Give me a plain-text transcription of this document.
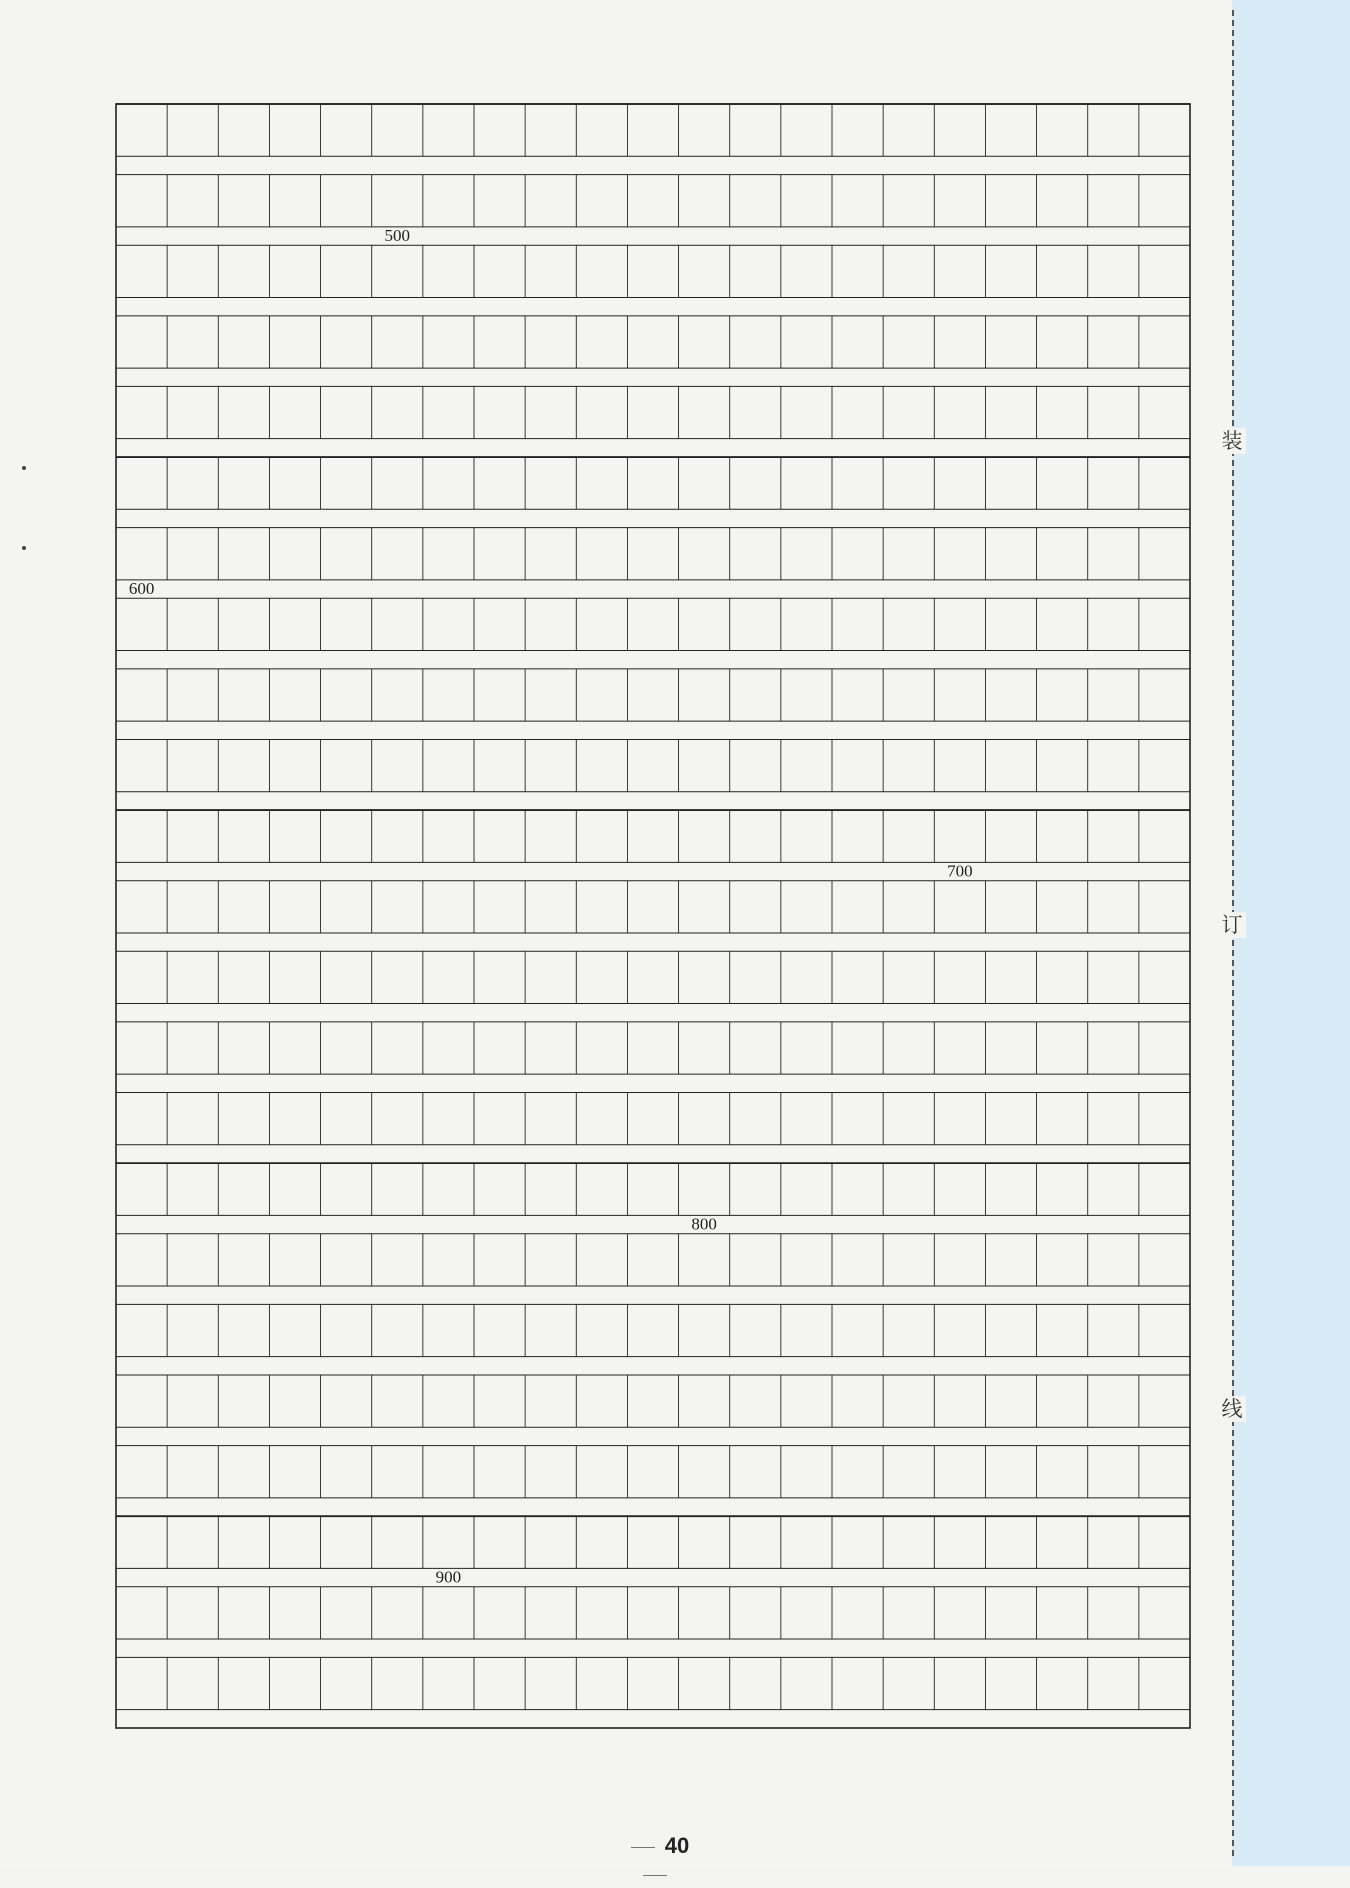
装
订
线
500
600
700
800
900
40
